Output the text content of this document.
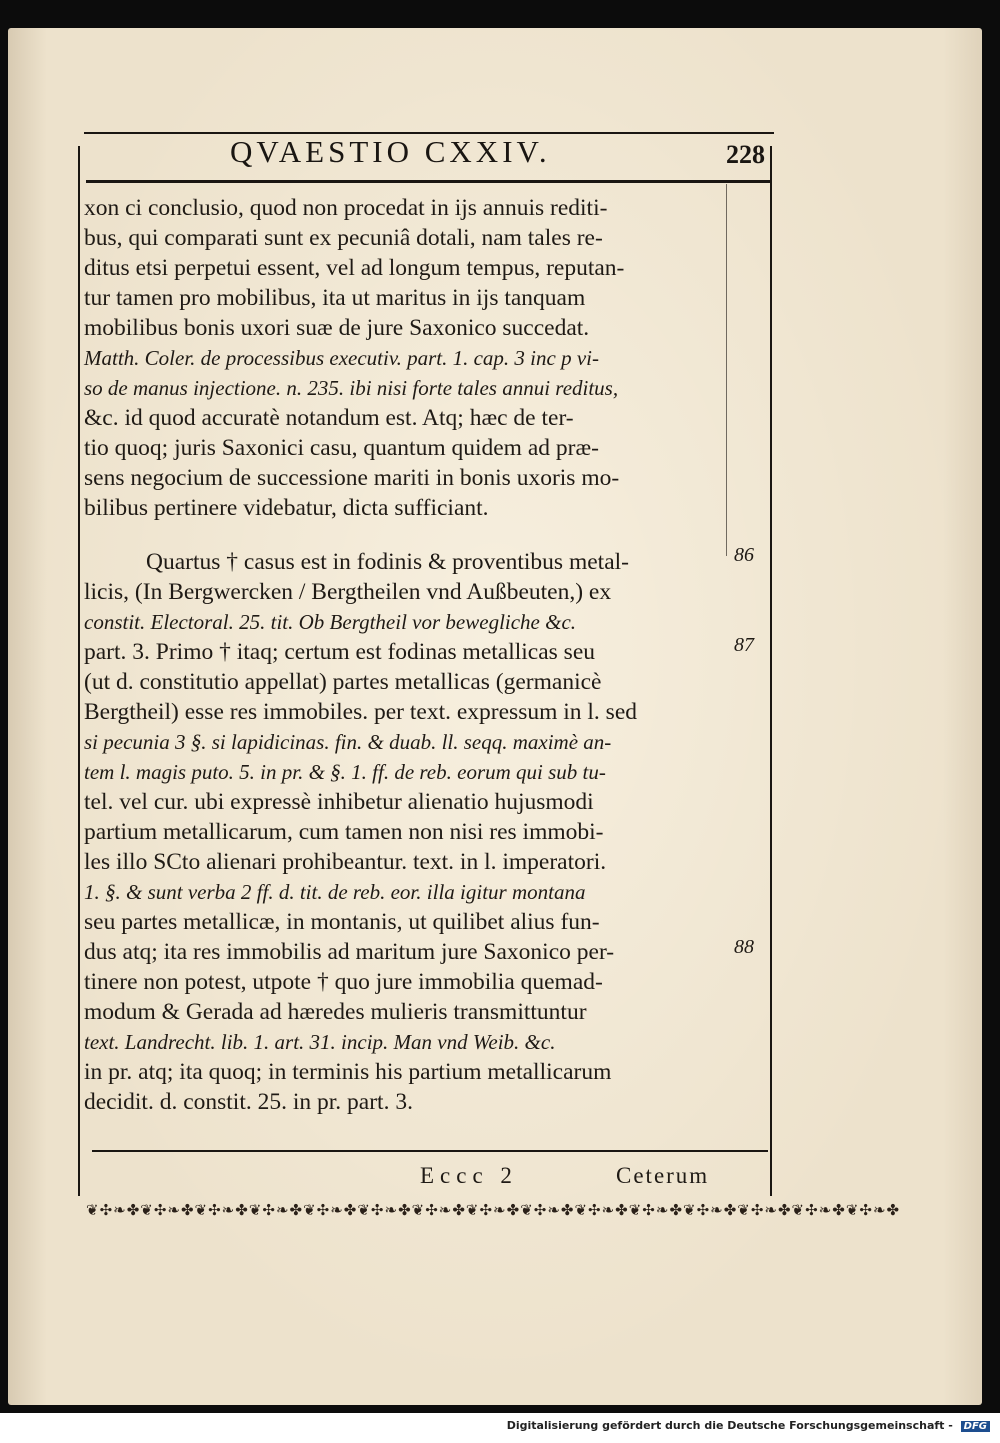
QVAESTIO CXXIV.	228
xon ci conclusio, quod non procedat in ijs annuis rediti-
bus, qui comparati sunt ex pecuniâ dotali, nam tales re-
ditus etsi perpetui essent, vel ad longum tempus, reputan-
tur tamen pro mobilibus, ita ut maritus in ijs tanquam
mobilibus bonis uxori suæ de jure Saxonico succedat.
Matth. Coler. de processibus executiv. part. 1. cap. 3 inc p vi-
so de manus injectione. n. 235. ibi nisi forte tales annui reditus,
&c. id quod accuratè notandum est. Atq; hæc de ter-
tio quoq; juris Saxonici casu, quantum quidem ad præ-
sens negocium de successione mariti in bonis uxoris mo-
bilibus pertinere videbatur, dicta sufficiant.
Quartus † casus est in fodinis & proventibus metal-
licis, (In Bergwercken / Bergtheilen vnd Außbeuten,) ex
constit. Electoral. 25. tit. Ob Bergtheil vor bewegliche &c.
part. 3. Primo † itaq; certum est fodinas metallicas seu
(ut d. constitutio appellat) partes metallicas (germanicè
Bergtheil) esse res immobiles. per text. expressum in l. sed
si pecunia 3 §. si lapidicinas. fin. & duab. ll. seqq. maximè an-
tem l. magis puto. 5. in pr. & §. 1. ff. de reb. eorum qui sub tu-
tel. vel cur. ubi expressè inhibetur alienatio hujusmodi
partium metallicarum, cum tamen non nisi res immobi-
les illo SCto alienari prohibeantur. text. in l. imperatori.
1. §. & sunt verba 2 ff. d. tit. de reb. eor. illa igitur montana
seu partes metallicæ, in montanis, ut quilibet alius fun-
dus atq; ita res immobilis ad maritum jure Saxonico per-
tinere non potest, utpote † quo jure immobilia quemad-
modum & Gerada ad hæredes mulieris transmittuntur
text. Landrecht. lib. 1. art. 31. incip. Man vnd Weib. &c.
in pr. atq; ita quoq; in terminis his partium metallicarum
decidit. d. constit. 25. in pr. part. 3.
86
87
88
Eccc 2	Ceterum
❦✣❧✤❦✣❧✤❦✣❧✤❦✣❧✤❦✣❧✤❦✣❧✤❦✣❧✤❦✣❧✤❦✣❧✤❦✣❧✤❦✣❧✤❦✣❧✤❦✣❧✤❦✣❧✤❦✣❧✤
Digitalisierung gefördert durch die Deutsche Forschungsgemeinschaft - DFG
